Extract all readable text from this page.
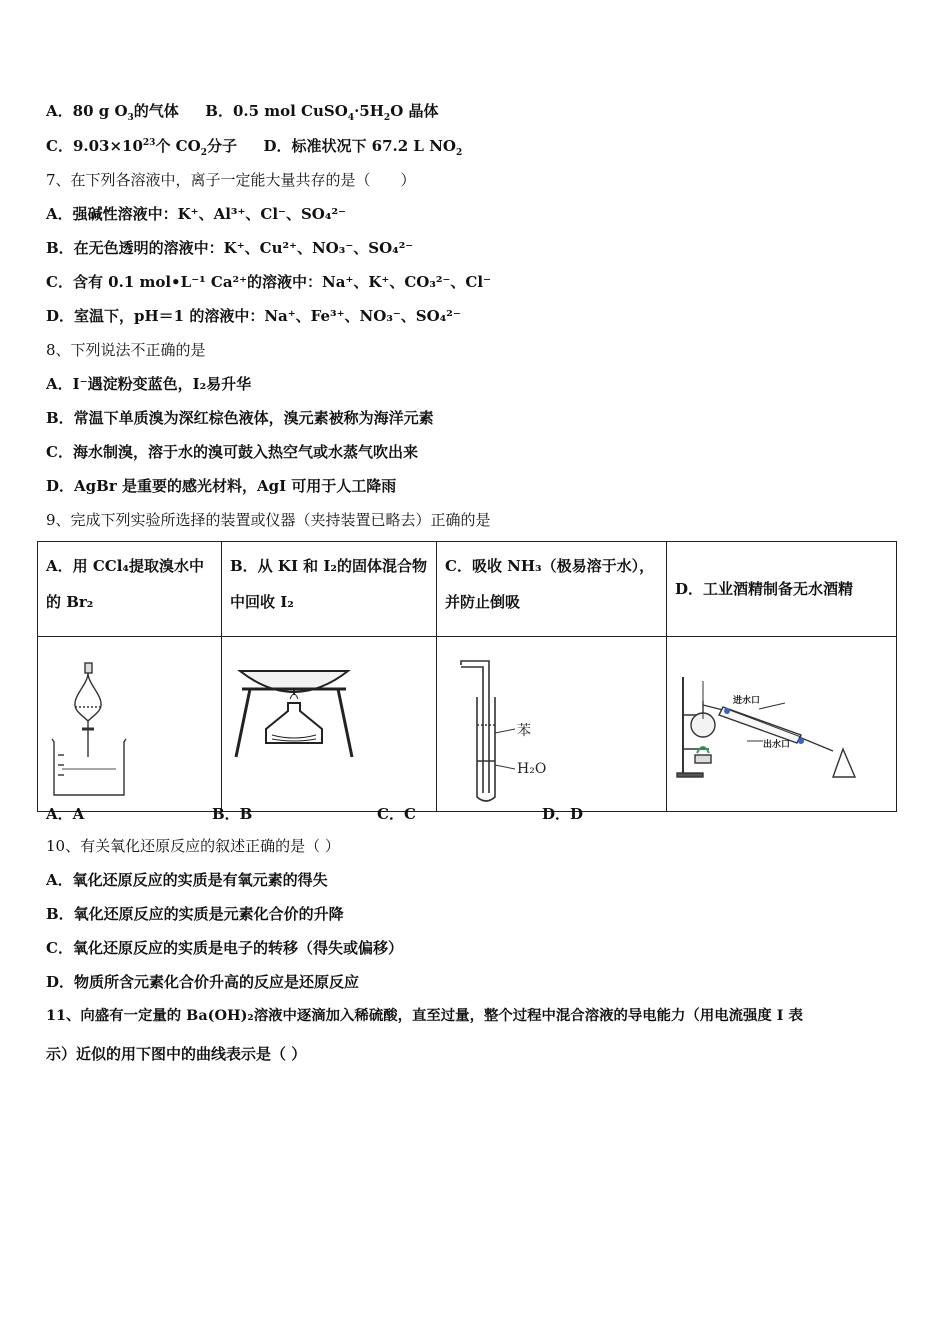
A．80 g $O_3$的气体 B．0.5 mol $CuSO_4\cdot 5H_2O$ 晶体
C．$9.03\times 10^{23}$个 $CO_2$分子 D．标准状况下 67.2 L $NO_2$
7、在下列各溶液中，离子一定能大量共存的是（　　）
A．强碱性溶液中：K⁺、Al³⁺、Cl⁻、SO₄²⁻
B．在无色透明的溶液中：K⁺、Cu²⁺、NO₃⁻、SO₄²⁻
C．含有 0.1 mol•L⁻¹ Ca²⁺的溶液中：Na⁺、K⁺、CO₃²⁻、Cl⁻
D．室温下，pH＝1 的溶液中：Na⁺、Fe³⁺、NO₃⁻、SO₄²⁻
8、下列说法不正确的是
A．I⁻遇淀粉变蓝色，I₂易升华
B．常温下单质溴为深红棕色液体，溴元素被称为海洋元素
C．海水制溴，溶于水的溴可鼓入热空气或水蒸气吹出来
D．AgBr 是重要的感光材料，AgI 可用于人工降雨
9、完成下列实验所选择的装置或仪器（夹持装置已略去）正确的是
A．用 CCl₄提取溴水中的 Br₂	B．从 KI 和 I₂的固体混合物中回收 I₂	C．吸收 NH₃（极易溶于水），并防止倒吸	D．工业酒精制备无水酒精

苯
H₂O	进水口
出水口
A．A	B．B	C．C	D．D
10、有关氧化还原反应的叙述正确的是（ ）
A．氧化还原反应的实质是有氧元素的得失
B．氧化还原反应的实质是元素化合价的升降
C．氧化还原反应的实质是电子的转移（得失或偏移）
D．物质所含元素化合价升高的反应是还原反应
11、向盛有一定量的 Ba(OH)₂溶液中逐滴加入稀硫酸，直至过量，整个过程中混合溶液的导电能力（用电流强度 I 表
示）近似的用下图中的曲线表示是（ ）
